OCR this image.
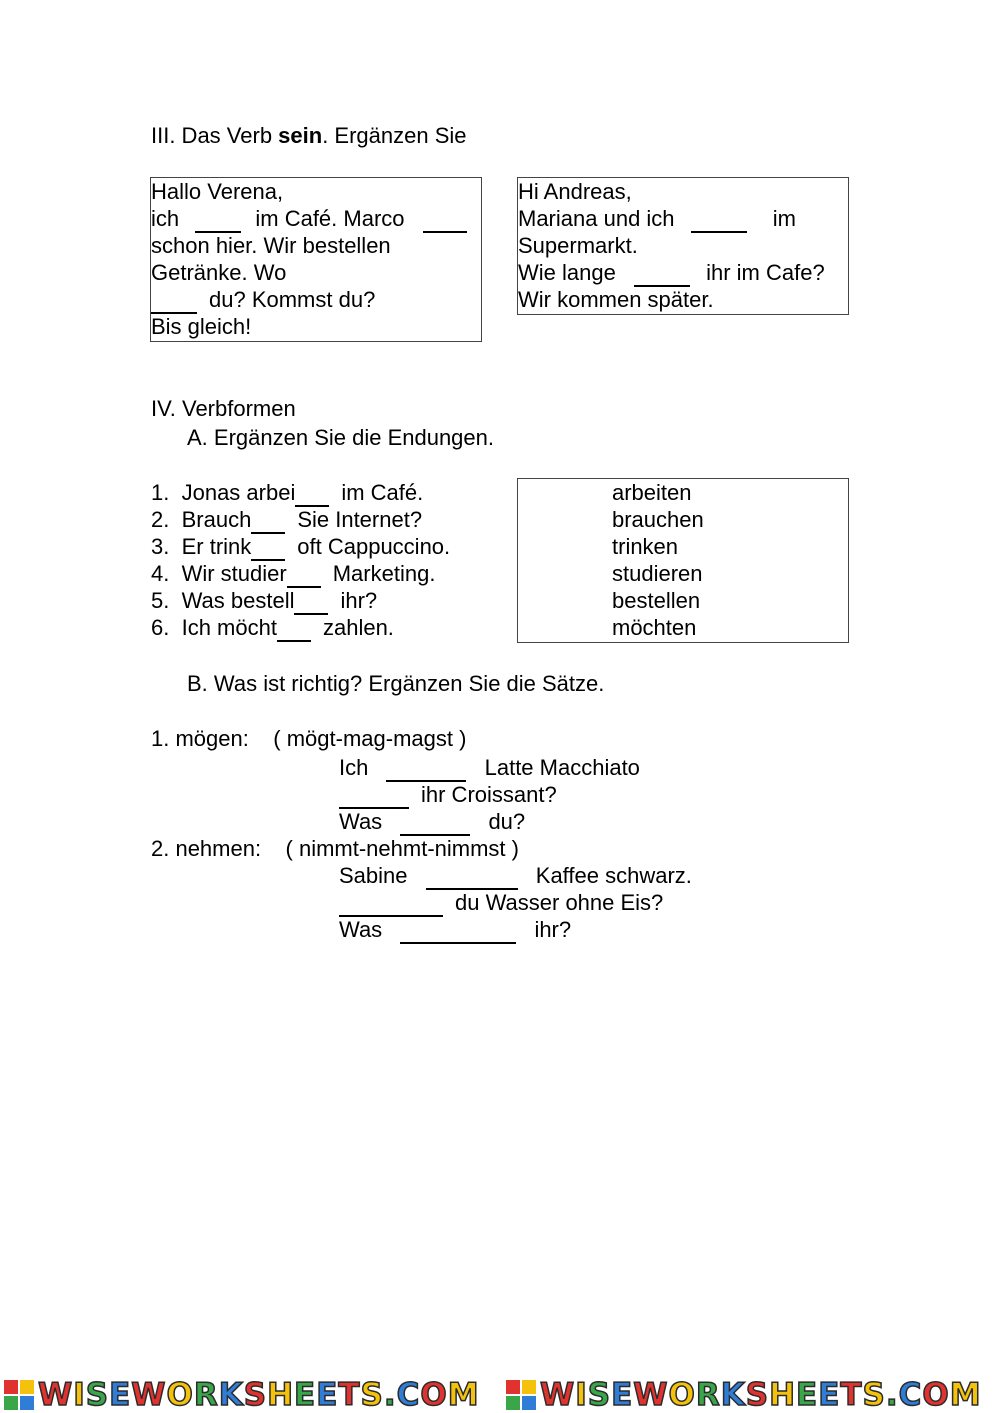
III. Das Verb sein. Ergänzen Sie
Hallo Verena,
ich	im Café. Marco
schon hier. Wir bestellen
Getränke. Wo
du? Kommst du?
Bis gleich!
Hi Andreas,
Mariana und ich	im
Supermarkt.
Wie lange	ihr im Cafe?
Wir kommen später.
IV. Verbformen
A. Ergänzen Sie die Endungen.
1. Jonas arbei im Café.
2. Brauch Sie Internet?
3. Er trink oft Cappuccino.
4. Wir studier Marketing.
5. Was bestell ihr?
6. Ich möcht zahlen.
arbeiten
brauchen
trinken
studieren
bestellen
möchten
B. Was ist richtig? Ergänzen Sie die Sätze.
1. mögen: ( mögt-mag-magst )
Ich	Latte Macchiato
ihr Croissant?
Was	du?
2. nehmen: ( nimmt-nehmt-nimmst )
Sabine	Kaffee schwarz.
du Wasser ohne Eis?
Was	ihr?
WISEWORKSHEETS.COM WISEWORKSHEETS.COM
